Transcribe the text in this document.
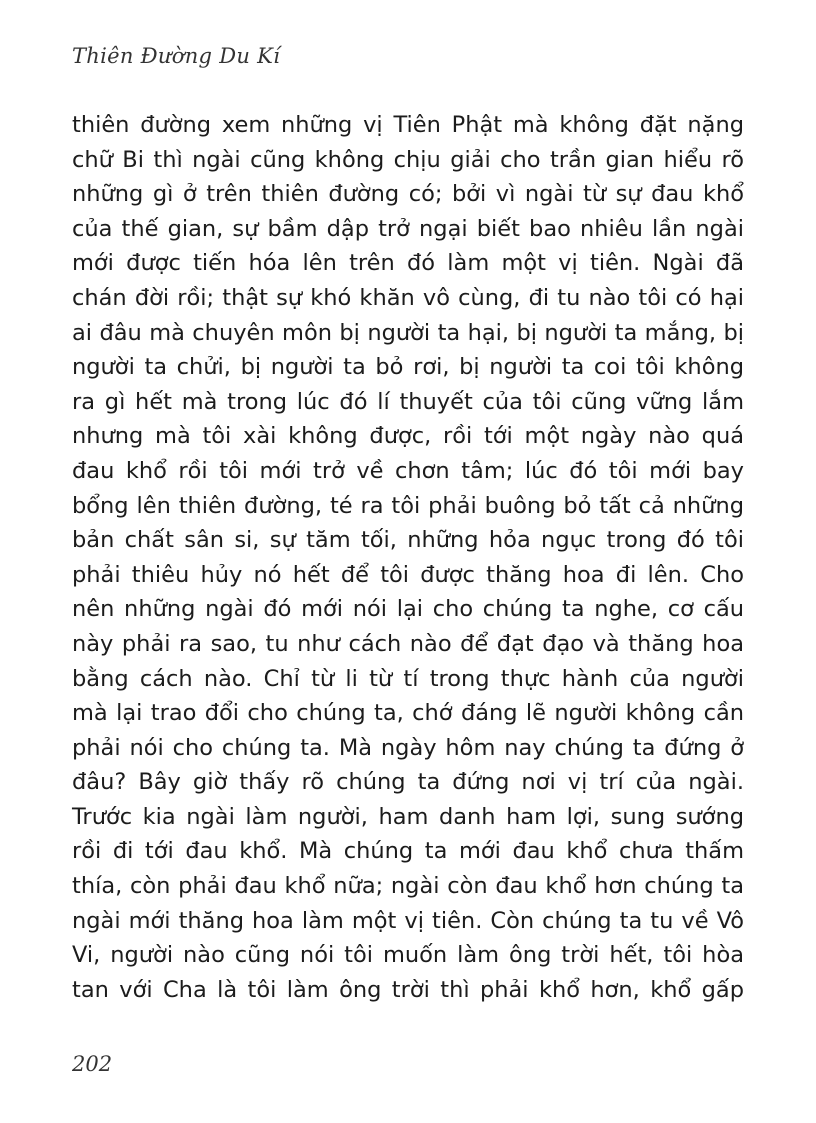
Thiên Đường Du Kí
thiên đường xem những vị Tiên Phật mà không đặt nặng
chữ Bi thì ngài cũng không chịu giải cho trần gian hiểu rõ
những gì ở trên thiên đường có; bởi vì ngài từ sự đau khổ
của thế gian, sự bầm dập trở ngại biết bao nhiêu lần ngài
mới được tiến hóa lên trên đó làm một vị tiên. Ngài đã
chán đời rồi; thật sự khó khăn vô cùng, đi tu nào tôi có hại
ai đâu mà chuyên môn bị người ta hại, bị người ta mắng, bị
người ta chửi, bị người ta bỏ rơi, bị người ta coi tôi không
ra gì hết mà trong lúc đó lí thuyết của tôi cũng vững lắm
nhưng mà tôi xài không được, rồi tới một ngày nào quá
đau khổ rồi tôi mới trở về chơn tâm; lúc đó tôi mới bay
bổng lên thiên đường, té ra tôi phải buông bỏ tất cả những
bản chất sân si, sự tăm tối, những hỏa ngục trong đó tôi
phải thiêu hủy nó hết để tôi được thăng hoa đi lên. Cho
nên những ngài đó mới nói lại cho chúng ta nghe, cơ cấu
này phải ra sao, tu như cách nào để đạt đạo và thăng hoa
bằng cách nào. Chỉ từ li từ tí trong thực hành của người
mà lại trao đổi cho chúng ta, chớ đáng lẽ người không cần
phải nói cho chúng ta. Mà ngày hôm nay chúng ta đứng ở
đâu? Bây giờ thấy rõ chúng ta đứng nơi vị trí của ngài.
Trước kia ngài làm người, ham danh ham lợi, sung sướng
rồi đi tới đau khổ. Mà chúng ta mới đau khổ chưa thấm
thía, còn phải đau khổ nữa; ngài còn đau khổ hơn chúng ta
ngài mới thăng hoa làm một vị tiên. Còn chúng ta tu về Vô
Vi, người nào cũng nói tôi muốn làm ông trời hết, tôi hòa
tan với Cha là tôi làm ông trời thì phải khổ hơn, khổ gấp
202
